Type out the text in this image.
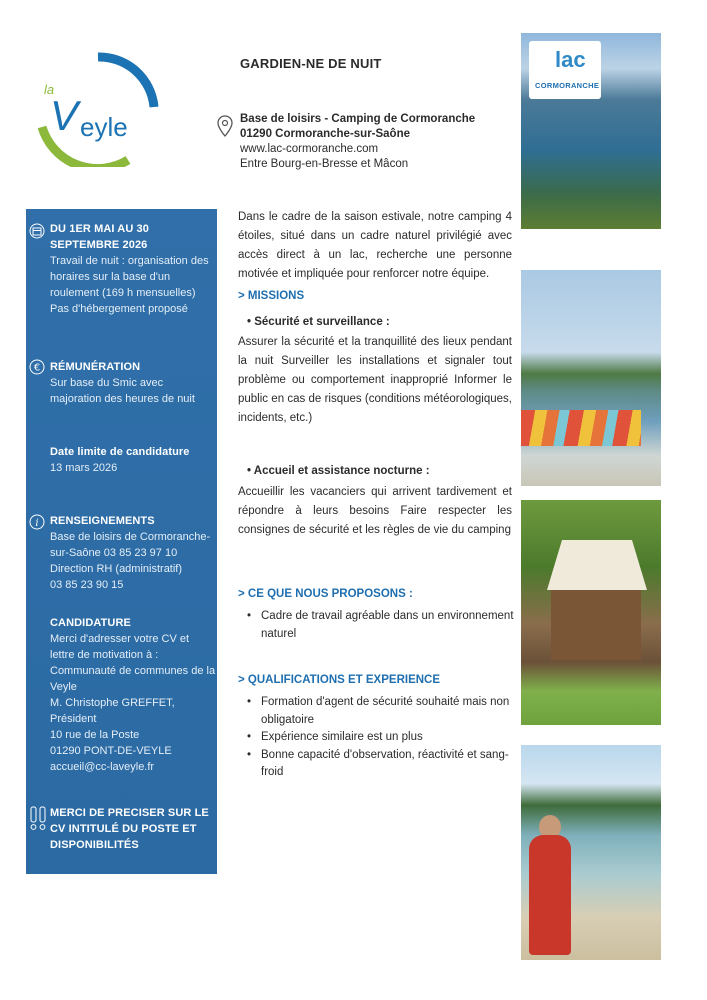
la
V eyle
GARDIEN-NE DE NUIT
Base de loisirs - Camping de Cormoranche
01290 Cormoranche-sur-Saône
www.lac-cormoranche.com
Entre Bourg-en-Bresse et Mâcon
DU 1ER MAI AU 30
SEPTEMBRE 2026
Travail de nuit : organisation des
horaires sur la base d'un
roulement (169 h mensuelles)
Pas d'hébergement proposé
€ RÉMUNÉRATION
Sur base du Smic avec
majoration des heures de nuit
Date limite de candidature
13 mars 2026
i RENSEIGNEMENTS
Base de loisirs de Cormoranche-
sur-Saône 03 85 23 97 10
Direction RH (administratif)
03 85 23 90 15
CANDIDATURE
Merci d'adresser votre CV et
lettre de motivation à :
Communauté de communes de la
Veyle
M. Christophe GREFFET,
Président
10 rue de la Poste
01290 PONT-DE-VEYLE
accueil@cc-laveyle.fr
MERCI DE PRECISER SUR LE
CV INTITULÉ DU POSTE ET
DISPONIBILITÉS
Dans le cadre de la saison estivale, notre camping 4 étoiles, situé dans un cadre naturel privilégié avec accès direct à un lac, recherche une personne motivée et impliquée pour renforcer notre équipe.
> MISSIONS
• Sécurité et surveillance :
Assurer la sécurité et la tranquillité des lieux pendant la nuit Surveiller les installations et signaler tout problème ou comportement inapproprié Informer le public en cas de risques (conditions météorologiques, incidents, etc.)
• Accueil et assistance nocturne :
Accueillir les vacanciers qui arrivent tardivement et répondre à leurs besoins Faire respecter les consignes de sécurité et les règles de vie du camping
> CE QUE NOUS PROPOSONS :
• Cadre de travail agréable dans un environnement naturel
> QUALIFICATIONS ET EXPERIENCE
• Formation d'agent de sécurité souhaité mais non obligatoire
• Expérience similaire est un plus
• Bonne capacité d'observation, réactivité et sang-froid
lac
CORMORANCHE
